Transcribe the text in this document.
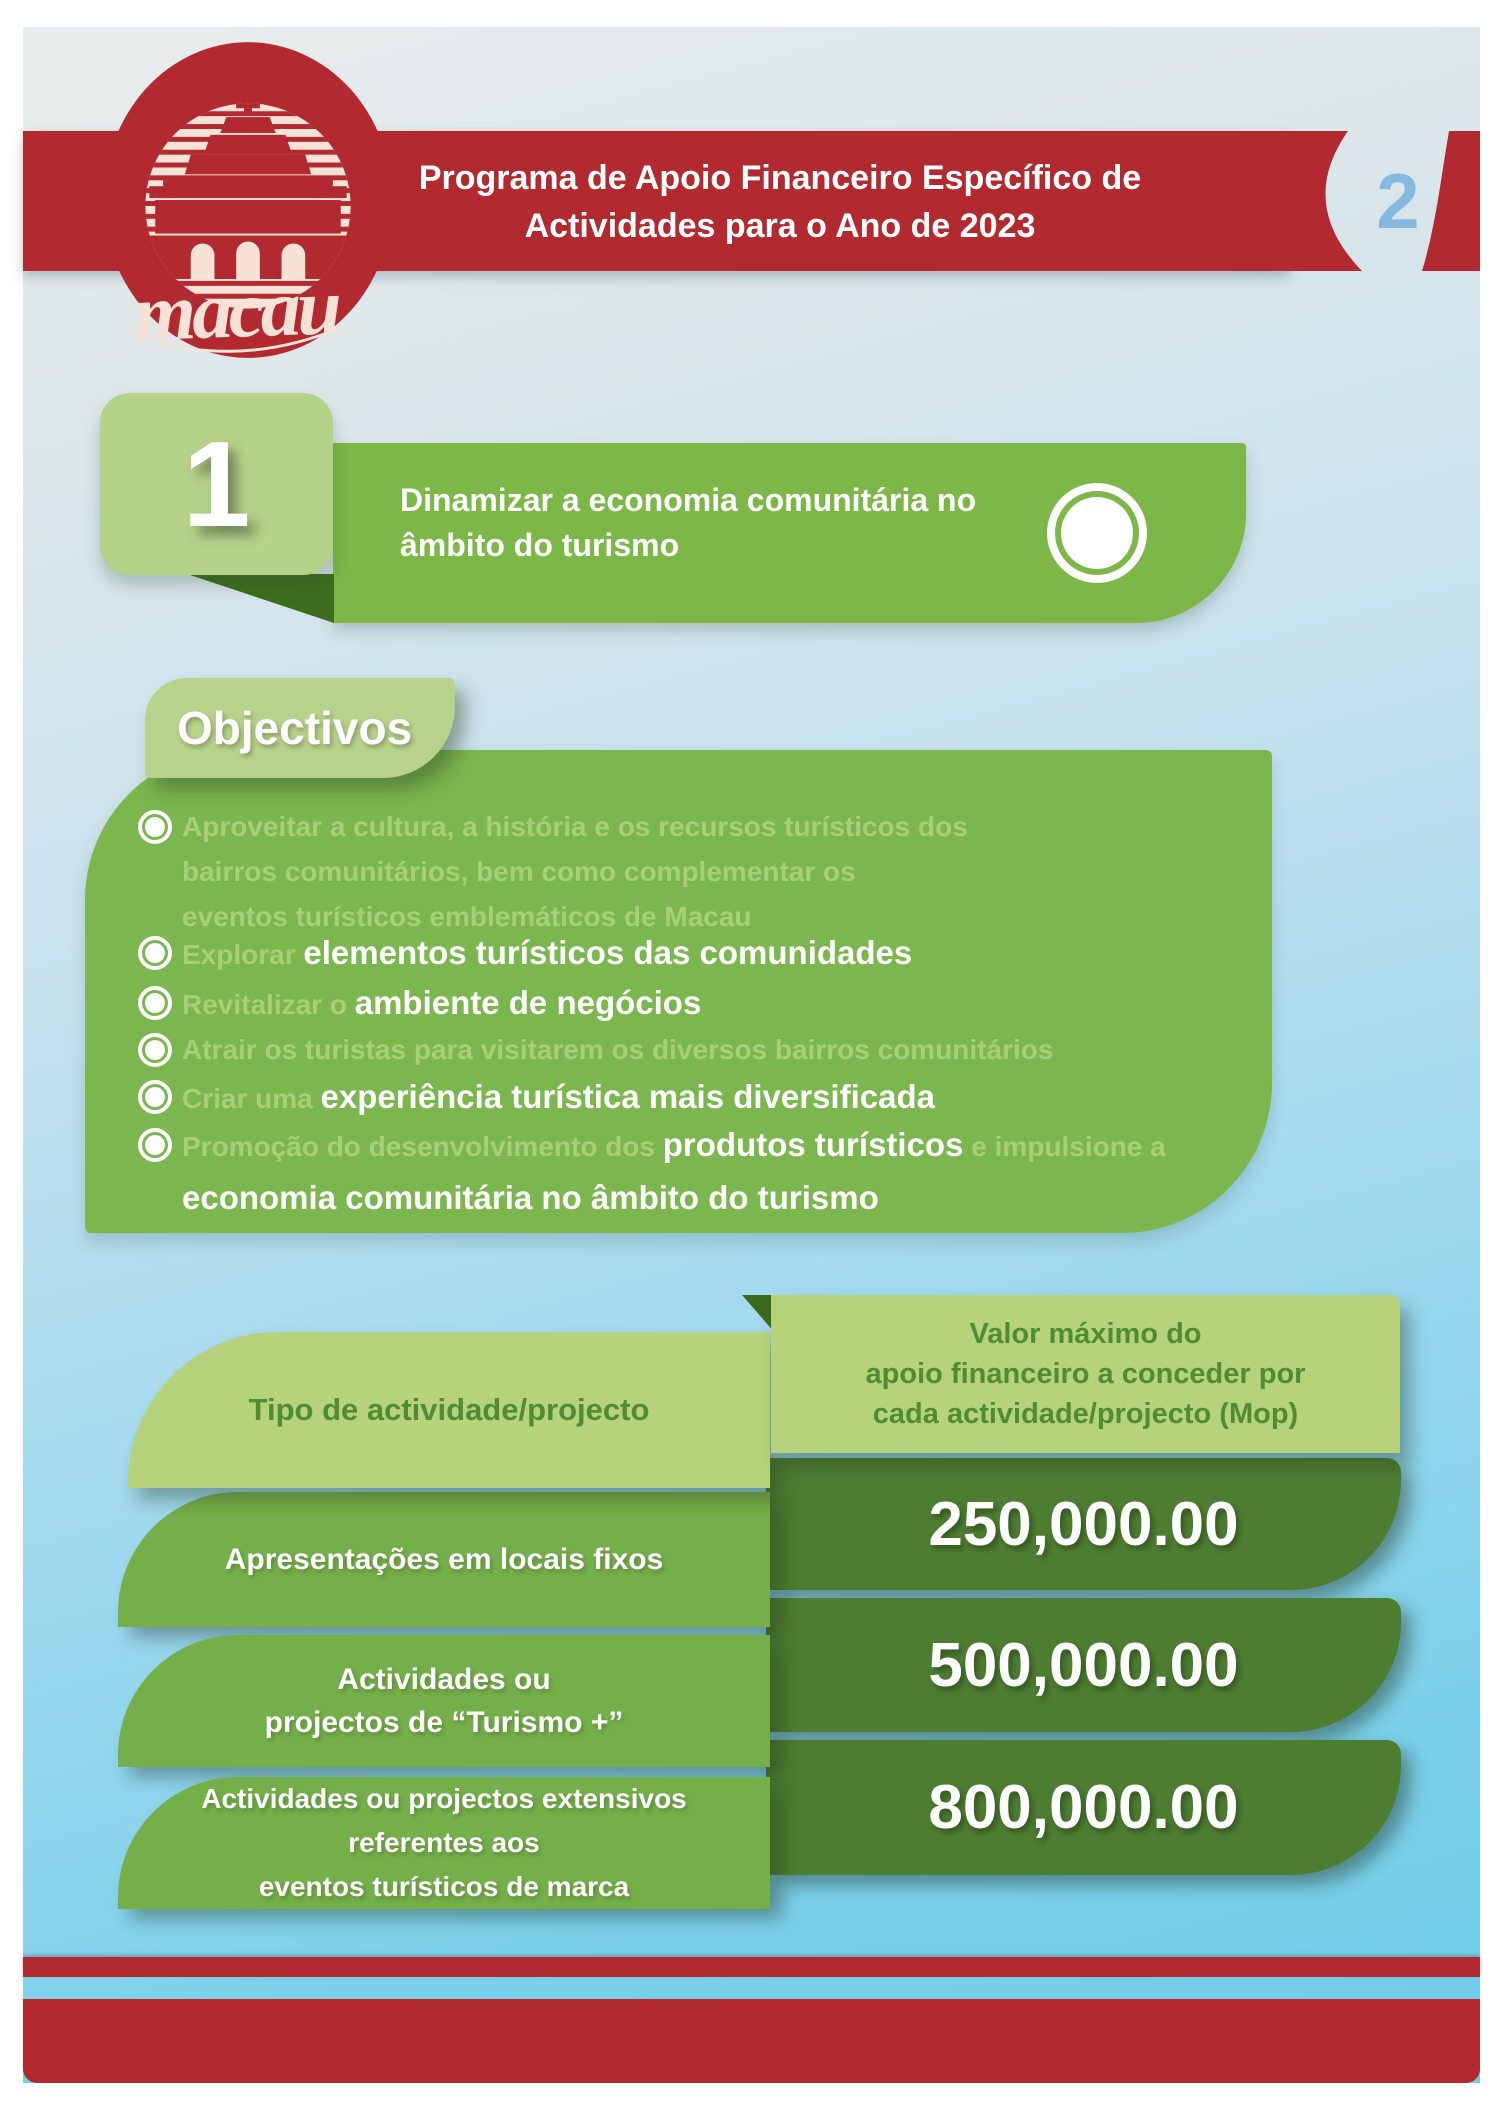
Programa de Apoio Financeiro Específico de
Actividades para o Ano de 2023	2
macau
1	Dinamizar a economia comunitária no
âmbito do turismo
Objectivos
Aproveitar a cultura, a história e os recursos turísticos dos
bairros comunitários, bem como complementar os
eventos turísticos emblemáticos de Macau
Explorar elementos turísticos das comunidades
Revitalizar o ambiente de negócios
Atrair os turistas para visitarem os diversos bairros comunitários
Criar uma experiência turística mais diversificada
Promoção do desenvolvimento dos produtos turísticos e impulsione a
economia comunitária no âmbito do turismo
Tipo de actividade/projecto
Valor máximo do
apoio financeiro a conceder por
cada actividade/projecto (Mop)
Apresentações em locais fixos
250,000.00
Actividades ou
projectos de “Turismo +”
500,000.00
Actividades ou projectos extensivos
referentes aos
eventos turísticos de marca
800,000.00
